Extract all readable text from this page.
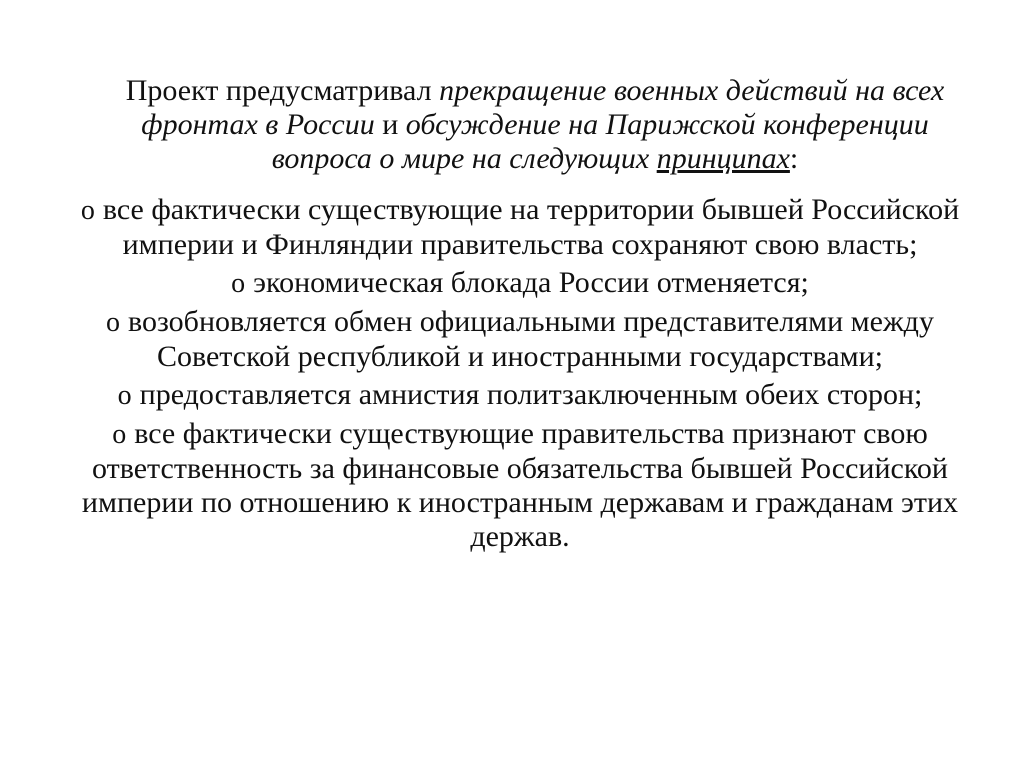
Проект предусматривал прекращение военных действий на всех фронтах в России и обсуждение на Парижской конференции вопроса о мире на следующих принципах:

o все фактически существующие на территории бывшей Российской империи и Финляндии правительства сохраняют свою власть;
o экономическая блокада России отменяется;
o возобновляется обмен официальными представителями между Советской республикой и иностранными государствами;
o предоставляется амнистия политзаключенным обеих сторон;
o все фактически существующие правительства признают свою ответственность за финансовые обязательства бывшей Российской империи по отношению к иностранным державам и гражданам этих держав.
